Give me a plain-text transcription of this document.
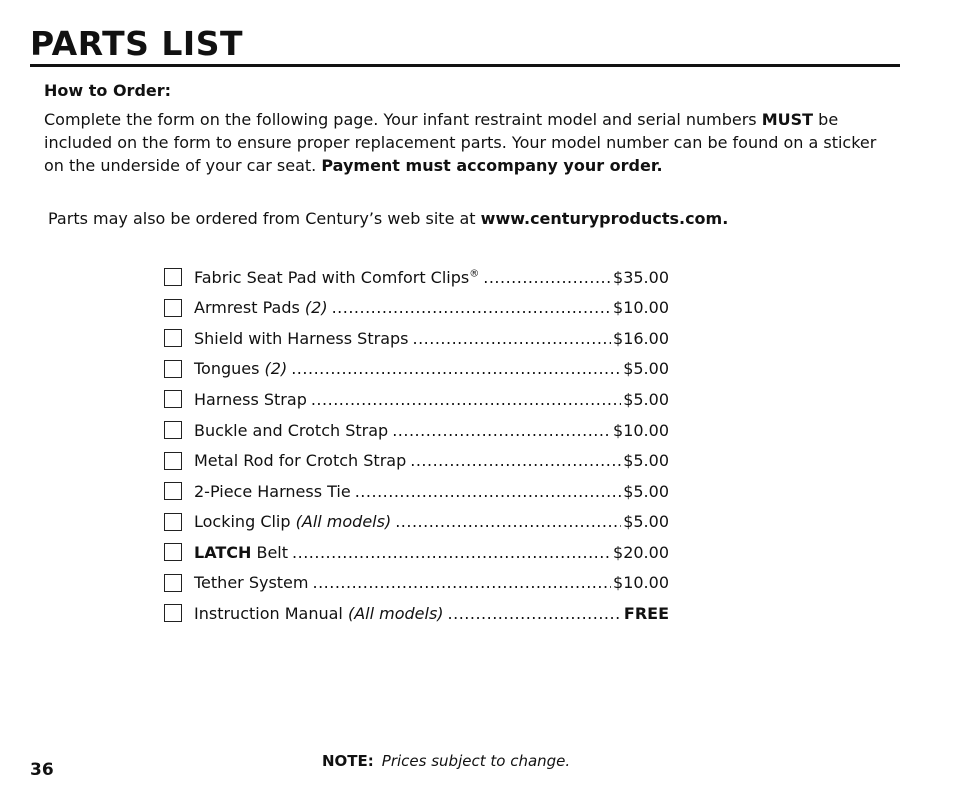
PARTS LIST
How to Order:
Complete the form on the following page. Your infant restraint model and serial numbers MUST be included on the form to ensure proper replacement parts. Your model number can be found on a sticker on the underside of your car seat. Payment must accompany your order.
Parts may also be ordered from Century’s web site at www.centuryproducts.com.
Fabric Seat Pad with Comfort Clips® .....	$35.00
Armrest Pads (2) .....	$10.00
Shield with Harness Straps .....	$16.00
Tongues (2) .....	$5.00
Harness Strap .....	$5.00
Buckle and Crotch Strap .....	$10.00
Metal Rod for Crotch Strap .....	$5.00
2-Piece Harness Tie .....	$5.00
Locking Clip (All models) .....	$5.00
LATCH Belt .....	$20.00
Tether System .....	$10.00
Instruction Manual (All models) .....	FREE
36	NOTE: Prices subject to change.
